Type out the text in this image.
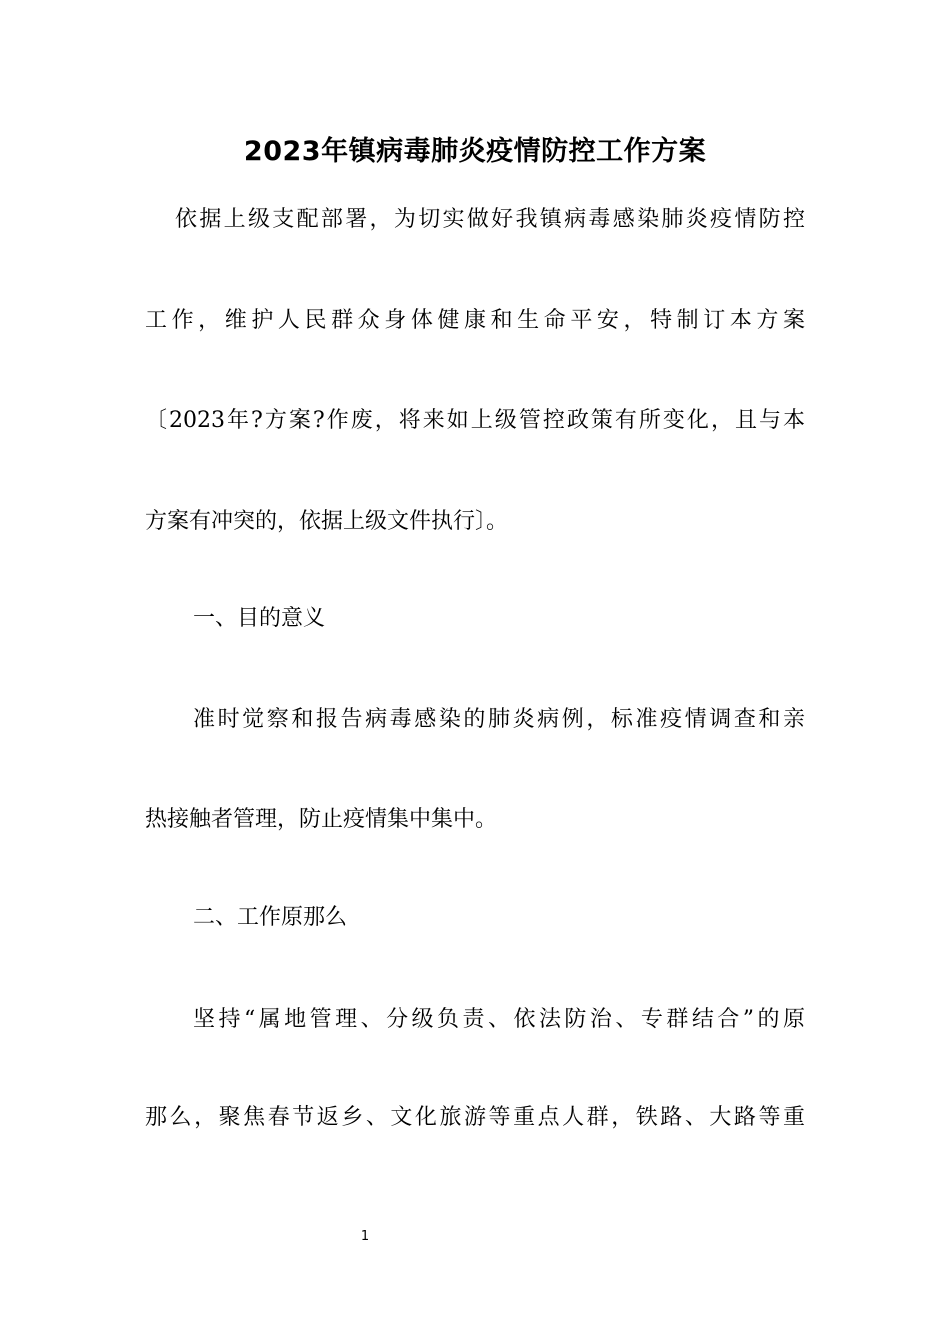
2023年镇病毒肺炎疫情防控工作方案
依据上级支配部署，为切实做好我镇病毒感染肺炎疫情防控
工作，维护人民群众身体健康和生命平安，特制订本方案
〔2023年?方案?作废，将来如上级管控政策有所变化，且与本
方案有冲突的，依据上级文件执行〕。
一、目的意义
准时觉察和报告病毒感染的肺炎病例，标准疫情调查和亲
热接触者管理，防止疫情集中集中。
二、工作原那么
坚持“属地管理、分级负责、依法防治、专群结合”的原
那么，聚焦春节返乡、文化旅游等重点人群，铁路、大路等重
1
